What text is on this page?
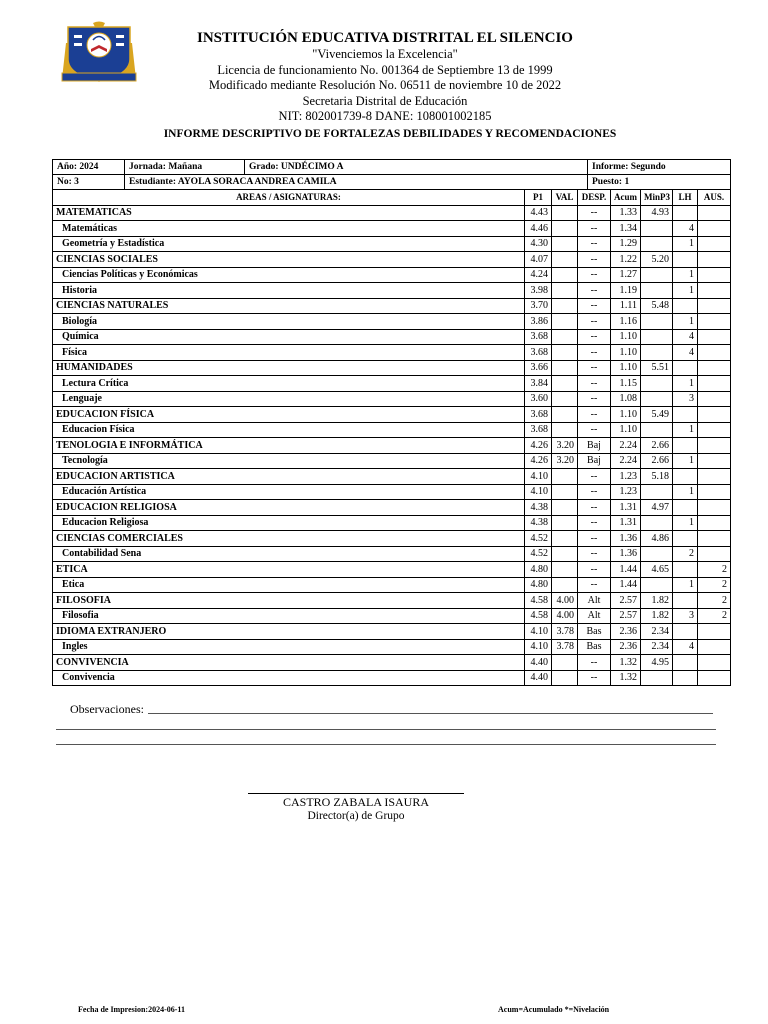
INSTITUCIÓN EDUCATIVA DISTRITAL EL SILENCIO
"Vivenciemos la Excelencia"
Licencia de funcionamiento No. 001364 de Septiembre 13 de 1999
Modificado mediante Resolución No. 06511 de noviembre 10 de 2022
Secretaria Distrital de Educación
NIT: 802001739-8 DANE: 108001002185
INFORME DESCRIPTIVO DE FORTALEZAS DEBILIDADES Y RECOMENDACIONES
Año: 2024	Jornada: Mañana	Grado: UNDÉCIMO A	Informe: Segundo
No: 3	Estudiante: AYOLA SORACA ANDREA CAMILA		Puesto: 1
AREAS / ASIGNATURAS:	P1	VAL	DESP.	Acum	MinP3	LH	AUS.
MATEMATICAS	4.43		--	1.33	4.93		
Matemáticas	4.46		--	1.34		4	
Geometría y Estadística	4.30		--	1.29		1	
CIENCIAS SOCIALES	4.07		--	1.22	5.20		
Ciencias Políticas y Económicas	4.24		--	1.27		1	
Historia	3.98		--	1.19		1	
CIENCIAS NATURALES	3.70		--	1.11	5.48		
Biología	3.86		--	1.16		1	
Química	3.68		--	1.10		4	
Física	3.68		--	1.10		4	
HUMANIDADES	3.66		--	1.10	5.51		
Lectura Crítica	3.84		--	1.15		1	
Lenguaje	3.60		--	1.08		3	
EDUCACION FÍSICA	3.68		--	1.10	5.49		
Educacion Física	3.68		--	1.10		1	
TENOLOGIA E INFORMÁTICA	4.26	3.20	Baj	2.24	2.66		
Tecnología	4.26	3.20	Baj	2.24	2.66	1	
EDUCACION ARTISTICA	4.10		--	1.23	5.18		
Educación Artística	4.10		--	1.23		1	
EDUCACION RELIGIOSA	4.38		--	1.31	4.97		
Educacion Religiosa	4.38		--	1.31		1	
CIENCIAS COMERCIALES	4.52		--	1.36	4.86		
Contabilidad Sena	4.52		--	1.36		2	
ETICA	4.80		--	1.44	4.65		2
Etica	4.80		--	1.44		1	2
FILOSOFIA	4.58	4.00	Alt	2.57	1.82		2
Filosofia	4.58	4.00	Alt	2.57	1.82	3	2
IDIOMA EXTRANJERO	4.10	3.78	Bas	2.36	2.34		
Ingles	4.10	3.78	Bas	2.36	2.34	4	
CONVIVENCIA	4.40		--	1.32	4.95		
Convivencia	4.40		--	1.32			
Observaciones:
CASTRO ZABALA ISAURA
Director(a) de Grupo
Fecha de Impresion:2024-06-11	Acum=Acumulado *=Nivelación
